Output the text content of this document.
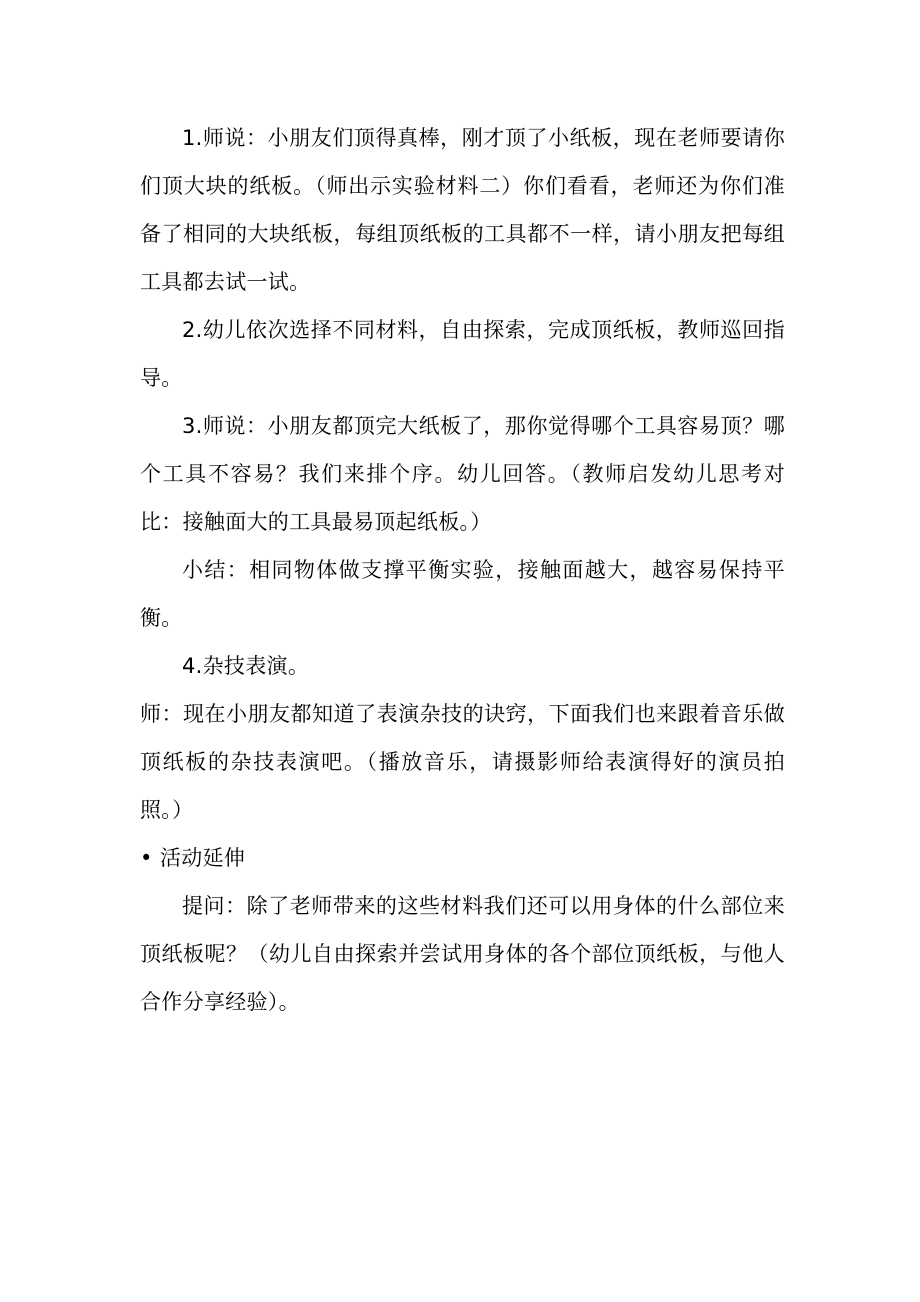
1.师说：小朋友们顶得真棒，刚才顶了小纸板，现在老师要请你们顶大块的纸板。（师出示实验材料二）你们看看，老师还为你们准备了相同的大块纸板，每组顶纸板的工具都不一样，请小朋友把每组工具都去试一试。

2.幼儿依次选择不同材料，自由探索，完成顶纸板，教师巡回指导。

3.师说：小朋友都顶完大纸板了，那你觉得哪个工具容易顶？哪个工具不容易？我们来排个序。幼儿回答。（教师启发幼儿思考对比：接触面大的工具最易顶起纸板。）

小结：相同物体做支撑平衡实验，接触面越大，越容易保持平衡。

4.杂技表演。

师：现在小朋友都知道了表演杂技的诀窍，下面我们也来跟着音乐做顶纸板的杂技表演吧。（播放音乐，请摄影师给表演得好的演员拍照。）

• 活动延伸

提问：除了老师带来的这些材料我们还可以用身体的什么部位来顶纸板呢？（幼儿自由探索并尝试用身体的各个部位顶纸板，与他人合作分享经验）。
